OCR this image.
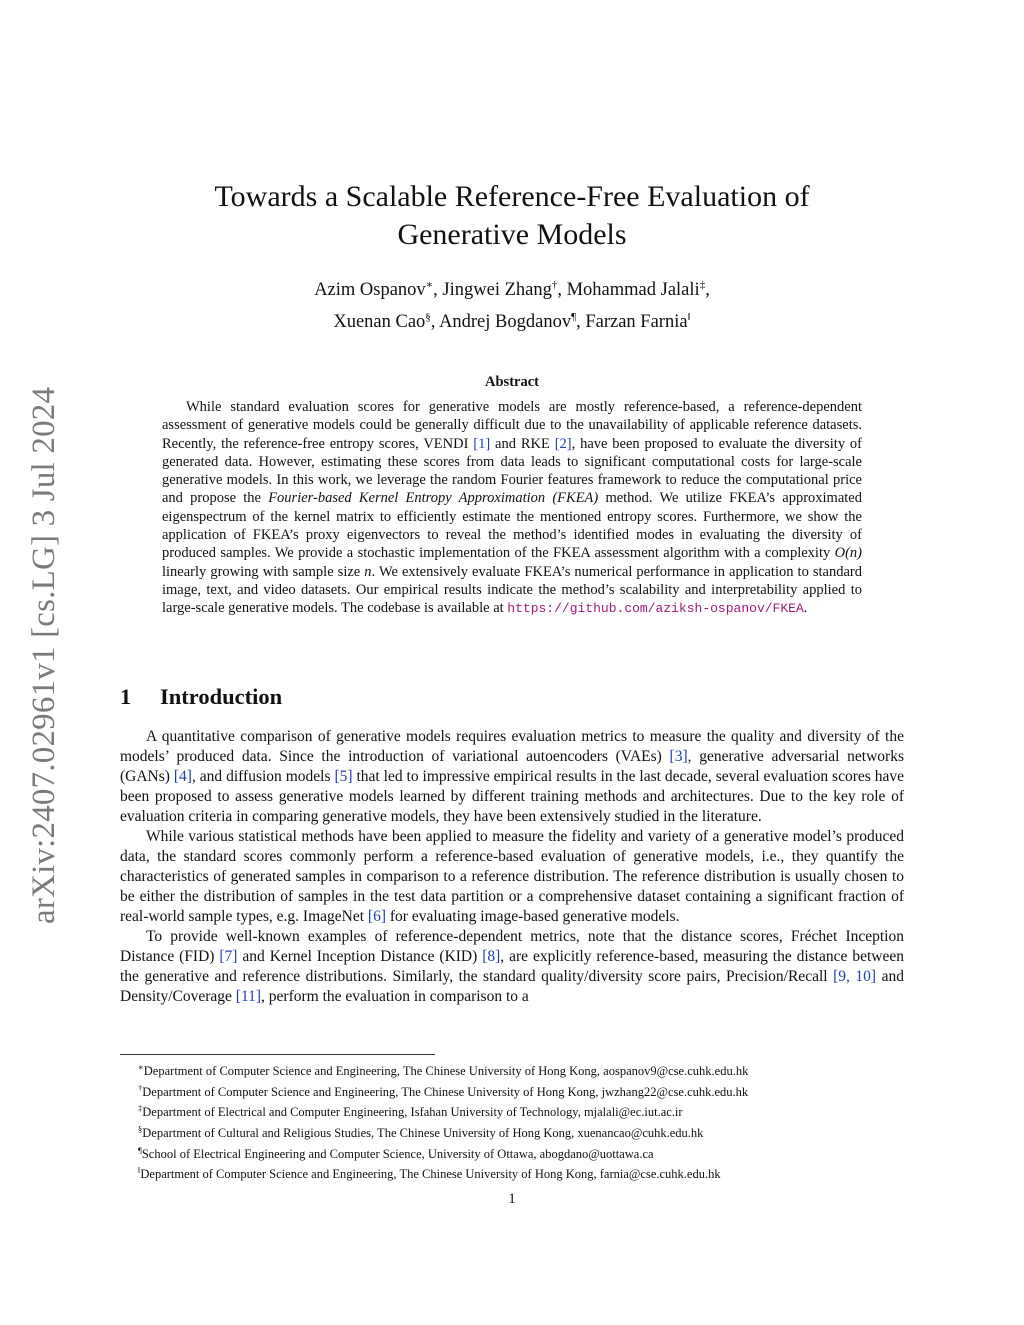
arXiv:2407.02961v1 [cs.LG] 3 Jul 2024
Towards a Scalable Reference-Free Evaluation of
Generative Models
Azim Ospanov∗, Jingwei Zhang†, Mohammad Jalali‡,
Xuenan Cao§, Andrej Bogdanov¶, Farzan Farnia‖
Abstract

While standard evaluation scores for generative models are mostly reference-based, a reference-dependent assessment of generative models could be generally difficult due to the unavailability of applicable reference datasets. Recently, the reference-free entropy scores, VENDI [1] and RKE [2], have been proposed to evaluate the diversity of generated data. However, estimating these scores from data leads to significant computational costs for large-scale generative models. In this work, we leverage the random Fourier features framework to reduce the computational price and propose the Fourier-based Kernel Entropy Approximation (FKEA) method. We utilize FKEA’s approximated eigenspectrum of the kernel matrix to efficiently estimate the mentioned entropy scores. Furthermore, we show the application of FKEA’s proxy eigenvectors to reveal the method’s identified modes in evaluating the diversity of produced samples. We provide a stochastic implementation of the FKEA assessment algorithm with a complexity O(n) linearly growing with sample size n. We extensively evaluate FKEA’s numerical performance in application to standard image, text, and video datasets. Our empirical results indicate the method’s scalability and interpretability applied to large-scale generative models. The codebase is available at https://github.com/aziksh-ospanov/FKEA.

1 Introduction

A quantitative comparison of generative models requires evaluation metrics to measure the quality and diversity of the models’ produced data. Since the introduction of variational autoencoders (VAEs) [3], generative adversarial networks (GANs) [4], and diffusion models [5] that led to impressive empirical results in the last decade, several evaluation scores have been proposed to assess generative models learned by different training methods and architectures. Due to the key role of evaluation criteria in comparing generative models, they have been extensively studied in the literature.

While various statistical methods have been applied to measure the fidelity and variety of a generative model’s produced data, the standard scores commonly perform a reference-based evaluation of generative models, i.e., they quantify the characteristics of generated samples in comparison to a reference distribution. The reference distribution is usually chosen to be either the distribution of samples in the test data partition or a comprehensive dataset containing a significant fraction of real-world sample types, e.g. ImageNet [6] for evaluating image-based generative models.

To provide well-known examples of reference-dependent metrics, note that the distance scores, Fréchet Inception Distance (FID) [7] and Kernel Inception Distance (KID) [8], are explicitly reference-based, measuring the distance between the generative and reference distributions. Similarly, the standard quality/diversity score pairs, Precision/Recall [9, 10] and Density/Coverage [11], perform the evaluation in comparison to a

∗Department of Computer Science and Engineering, The Chinese University of Hong Kong, aospanov9@cse.cuhk.edu.hk
†Department of Computer Science and Engineering, The Chinese University of Hong Kong, jwzhang22@cse.cuhk.edu.hk
‡Department of Electrical and Computer Engineering, Isfahan University of Technology, mjalali@ec.iut.ac.ir
§Department of Cultural and Religious Studies, The Chinese University of Hong Kong, xuenancao@cuhk.edu.hk
¶School of Electrical Engineering and Computer Science, University of Ottawa, abogdano@uottawa.ca
‖Department of Computer Science and Engineering, The Chinese University of Hong Kong, farnia@cse.cuhk.edu.hk
1
